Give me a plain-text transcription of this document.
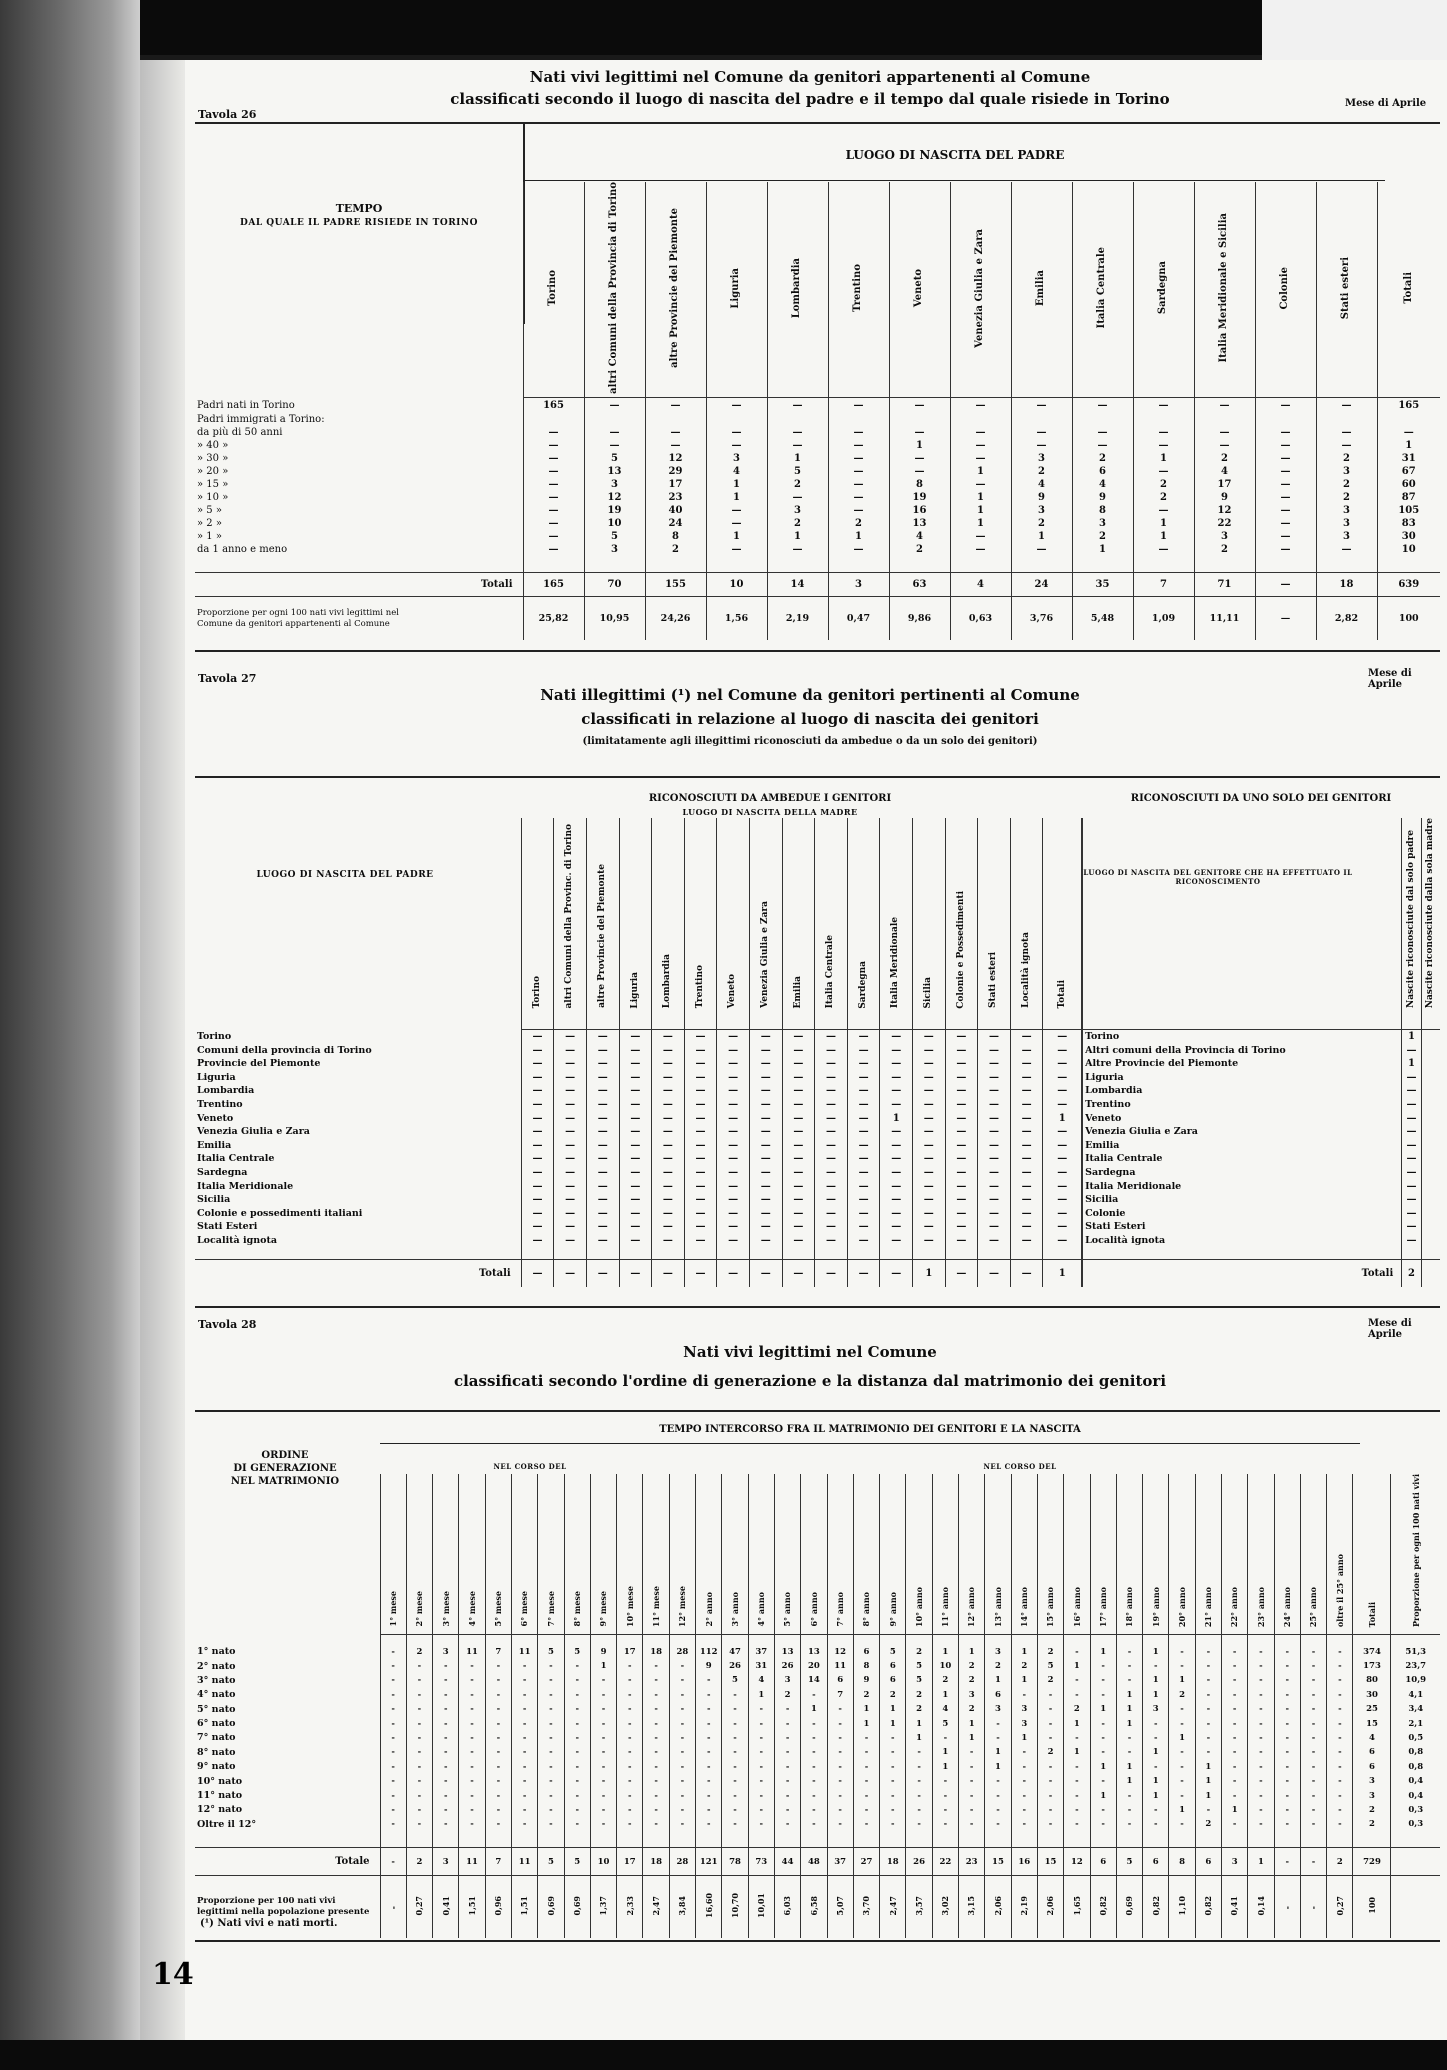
Tavola 26
Nati vivi legittimi nel Comune da genitori appartenenti al Comune
classificati secondo il luogo di nascita del padre e il tempo dal quale risiede in Torino	Mese di Aprile
LUOGO DI NASCITA DEL PADRE
TEMPO
DAL QUALE IL PADRE RISIEDE IN TORINO
	Torino	altri Comuni della Provincia di Torino	altre Provincie del Piemonte	Liguria	Lombardia	Trentino	Veneto	Venezia Giulia e Zara	Emilia	Italia Centrale	Sardegna	Italia Meridionale e Sicilia	Colonie	Stati esteri	Totali
Padri nati in Torino	165	—	—	—	—	—	—	—	—	—	—	—	—	—	165
Padri immigrati a Torino:															
da più di 50 anni	—	—	—	—	—	—	—	—	—	—	—	—	—	—	—
» 40 »	—	—	—	—	—	—	1	—	—	—	—	—	—	—	1
» 30 »	—	5	12	3	1	—	—	—	3	2	1	2	—	2	31
» 20 »	—	13	29	4	5	—	—	1	2	6	—	4	—	3	67
» 15 »	—	3	17	1	2	—	8	—	4	4	2	17	—	2	60
» 10 »	—	12	23	1	—	—	19	1	9	9	2	9	—	2	87
» 5 »	—	19	40	—	3	—	16	1	3	8	—	12	—	3	105
» 2 »	—	10	24	—	2	2	13	1	2	3	1	22	—	3	83
» 1 »	—	5	8	1	1	1	4	—	1	2	1	3	—	3	30
da 1 anno e meno	—	3	2	—	—	—	2	—	—	1	—	2	—	—	10

Totali	165	70	155	10	14	3	63	4	24	35	7	71	—	18	639

Proporzione per ogni 100 nati vivi legittimi nel
Comune da genitori appartenenti al Comune	25,82	10,95	24,26	1,56	2,19	0,47	9,86	0,63	3,76	5,48	1,09	11,11	—	2,82	100
Tavola 27	Mese di Aprile
Nati illegittimi (¹) nel Comune da genitori pertinenti al Comune
classificati in relazione al luogo di nascita dei genitori
(limitatamente agli illegittimi riconosciuti da ambedue o da un solo dei genitori)
RICONOSCIUTI DA AMBEDUE I GENITORI
LUOGO DI NASCITA DELLA MADRE
RICONOSCIUTI DA UNO SOLO DEI GENITORI
LUOGO DI NASCITA DEL GENITORE CHE HA EFFETTUATO IL RICONOSCIMENTO
LUOGO DI NASCITA DEL PADRE
	Torino	altri Comuni della Provinc. di Torino	altre Provincie del Piemonte	Liguria	Lombardia	Trentino	Veneto	Venezia Giulia e Zara	Emilia	Italia Centrale	Sardegna	Italia Meridionale	Sicilia	Colonie e Possedimenti	Stati esteri	Località ignota	Totali		Nascite riconosciute dal solo padre	Nascite riconosciute dalla sola madre
Torino	—	—	—	—	—	—	—	—	—	—	—	—	—	—	—	—	—	Torino	1	
Comuni della provincia di Torino	—	—	—	—	—	—	—	—	—	—	—	—	—	—	—	—	—	Altri comuni della Provincia di Torino	—	
Provincie del Piemonte	—	—	—	—	—	—	—	—	—	—	—	—	—	—	—	—	—	Altre Provincie del Piemonte	1	
Liguria	—	—	—	—	—	—	—	—	—	—	—	—	—	—	—	—	—	Liguria	—	
Lombardia	—	—	—	—	—	—	—	—	—	—	—	—	—	—	—	—	—	Lombardia	—	
Trentino	—	—	—	—	—	—	—	—	—	—	—	—	—	—	—	—	—	Trentino	—	
Veneto	—	—	—	—	—	—	—	—	—	—	—	1	—	—	—	—	1	Veneto	—	
Venezia Giulia e Zara	—	—	—	—	—	—	—	—	—	—	—	—	—	—	—	—	—	Venezia Giulia e Zara	—	
Emilia	—	—	—	—	—	—	—	—	—	—	—	—	—	—	—	—	—	Emilia	—	
Italia Centrale	—	—	—	—	—	—	—	—	—	—	—	—	—	—	—	—	—	Italia Centrale	—	
Sardegna	—	—	—	—	—	—	—	—	—	—	—	—	—	—	—	—	—	Sardegna	—	
Italia Meridionale	—	—	—	—	—	—	—	—	—	—	—	—	—	—	—	—	—	Italia Meridionale	—	
Sicilia	—	—	—	—	—	—	—	—	—	—	—	—	—	—	—	—	—	Sicilia	—	
Colonie e possedimenti italiani	—	—	—	—	—	—	—	—	—	—	—	—	—	—	—	—	—	Colonie	—	
Stati Esteri	—	—	—	—	—	—	—	—	—	—	—	—	—	—	—	—	—	Stati Esteri	—	
Località ignota	—	—	—	—	—	—	—	—	—	—	—	—	—	—	—	—	—	Località ignota	—	

Totali	—	—	—	—	—	—	—	—	—	—	—	—	1	—	—	—	1	Totali	2	
Tavola 28	Mese di Aprile
Nati vivi legittimi nel Comune
classificati secondo l'ordine di generazione e la distanza dal matrimonio dei genitori
ORDINE
DI GENERAZIONE
NEL MATRIMONIO
TEMPO INTERCORSO FRA IL MATRIMONIO DEI GENITORI E LA NASCITA
NEL CORSO DEL	NEL CORSO DEL
	1° mese	2° mese	3° mese	4° mese	5° mese	6° mese	7° mese	8° mese	9° mese	10° mese	11° mese	12° mese	2° anno	3° anno	4° anno	5° anno	6° anno	7° anno	8° anno	9° anno	10° anno	11° anno	12° anno	13° anno	14° anno	15° anno	16° anno	17° anno	18° anno	19° anno	20° anno	21° anno	22° anno	23° anno	24° anno	25° anno	oltre il 25° anno	Totali	Proporzione per ogni 100 nati vivi

1° nato	-	2	3	11	7	11	5	5	9	17	18	28	112	47	37	13	13	12	6	5	2	1	1	3	1	2	-	1	-	1	-	-	-	-	-	-	-	374	51,3
2° nato	-	-	-	-	-	-	-	-	1	-	-	-	9	26	31	26	20	11	8	6	5	10	2	2	2	5	1	-	-	-	-	-	-	-	-	-	-	173	23,7
3° nato	-	-	-	-	-	-	-	-	-	-	-	-	-	5	4	3	14	6	9	6	5	2	2	1	1	2	-	-	-	1	1	-	-	-	-	-	-	80	10,9
4° nato	-	-	-	-	-	-	-	-	-	-	-	-	-	-	1	2	-	7	2	2	2	1	3	6	-	-	-	-	1	1	2	-	-	-	-	-	-	30	4,1
5° nato	-	-	-	-	-	-	-	-	-	-	-	-	-	-	-	-	1	-	1	1	2	4	2	3	3	-	2	1	1	3	-	-	-	-	-	-	-	25	3,4
6° nato	-	-	-	-	-	-	-	-	-	-	-	-	-	-	-	-	-	-	1	1	1	5	1	-	3	-	1	-	1	-	-	-	-	-	-	-	-	15	2,1
7° nato	-	-	-	-	-	-	-	-	-	-	-	-	-	-	-	-	-	-	-	-	1	-	1	-	1	-	-	-	-	-	1	-	-	-	-	-	-	4	0,5
8° nato	-	-	-	-	-	-	-	-	-	-	-	-	-	-	-	-	-	-	-	-	-	1	-	1	-	2	1	-	-	1	-	-	-	-	-	-	-	6	0,8
9° nato	-	-	-	-	-	-	-	-	-	-	-	-	-	-	-	-	-	-	-	-	-	1	-	1	-	-	-	1	1	-	-	1	-	-	-	-	-	6	0,8
10° nato	-	-	-	-	-	-	-	-	-	-	-	-	-	-	-	-	-	-	-	-	-	-	-	-	-	-	-	-	1	1	-	1	-	-	-	-	-	3	0,4
11° nato	-	-	-	-	-	-	-	-	-	-	-	-	-	-	-	-	-	-	-	-	-	-	-	-	-	-	-	1	-	1	-	1	-	-	-	-	-	3	0,4
12° nato	-	-	-	-	-	-	-	-	-	-	-	-	-	-	-	-	-	-	-	-	-	-	-	-	-	-	-	-	-	-	1	-	1	-	-	-	-	2	0,3
Oltre il 12°	-	-	-	-	-	-	-	-	-	-	-	-	-	-	-	-	-	-	-	-	-	-	-	-	-	-	-	-	-	-	-	2	-	-	-	-	-	2	0,3

Totale	-	2	3	11	7	11	5	5	10	17	18	28	121	78	73	44	48	37	27	18	26	22	23	15	16	15	12	6	5	6	8	6	3	1	-	-	2	729	
Proporzione per 100 nati vivi legittimi nella popolazione presente	-	0,27	0,41	1,51	0,96	1,51	0,69	0,69	1,37	2,33	2,47	3,84	16,60	10,70	10,01	6,03	6,58	5,07	3,70	2,47	3,57	3,02	3,15	2,06	2,19	2,06	1,65	0,82	0,69	0,82	1,10	0,82	0,41	0,14	-	-	0,27	100	
(¹) Nati vivi e nati morti.
14
